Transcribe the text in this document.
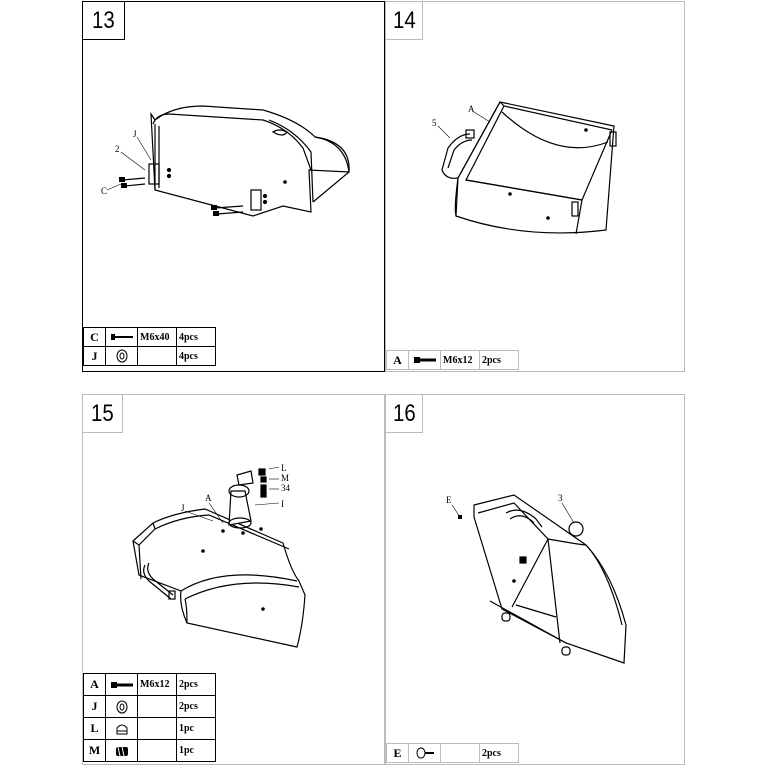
13
J
2
C
C		M6x40	4pcs
J			4pcs
14
5
A
A		M6x12	2pcs
15
L
M
34
I
A
J
A		M6x12	2pcs
J			2pcs
L			1pc
M			1pc
16
E	3
E			2pcs
